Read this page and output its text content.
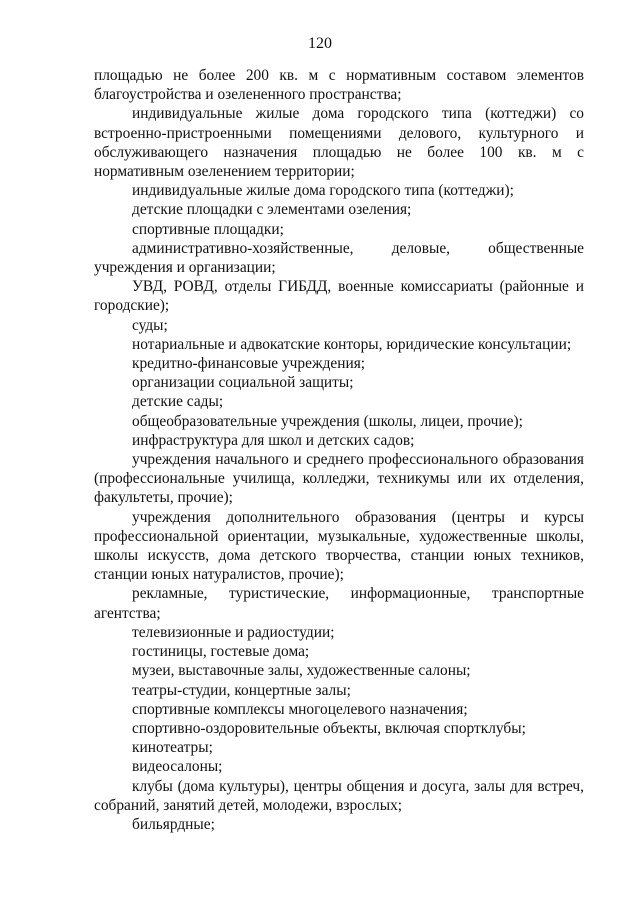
120

площадью не более 200 кв. м с нормативным составом элементов благоустройства и озелененного пространства;

индивидуальные жилые дома городского типа (коттеджи) со встроенно-пристроенными помещениями делового, культурного и обслуживающего назначения площадью не более 100 кв. м с нормативным озеленением территории;

индивидуальные жилые дома городского типа (коттеджи);

детские площадки с элементами озеления;

спортивные площадки;

административно-хозяйственные, деловые, общественные учреждения и организации;

УВД, РОВД, отделы ГИБДД, военные комиссариаты (районные и городские);

суды;

нотариальные и адвокатские конторы, юридические консультации;

кредитно-финансовые учреждения;

организации социальной защиты;

детские сады;

общеобразовательные учреждения (школы, лицеи, прочие);

инфраструктура для школ и детских садов;

учреждения начального и среднего профессионального образования (профессиональные училища, колледжи, техникумы или их отделения, факультеты, прочие);

учреждения дополнительного образования (центры и курсы профессиональной ориентации, музыкальные, художественные школы, школы искусств, дома детского творчества, станции юных техников, станции юных натуралистов, прочие);

рекламные, туристические, информационные, транспортные агентства;

телевизионные и радиостудии;

гостиницы, гостевые дома;

музеи, выставочные залы, художественные салоны;

театры-студии, концертные залы;

спортивные комплексы многоцелевого назначения;

спортивно-оздоровительные объекты, включая спортклубы;

кинотеатры;

видеосалоны;

клубы (дома культуры), центры общения и досуга, залы для встреч, собраний, занятий детей, молодежи, взрослых;

бильярдные;
